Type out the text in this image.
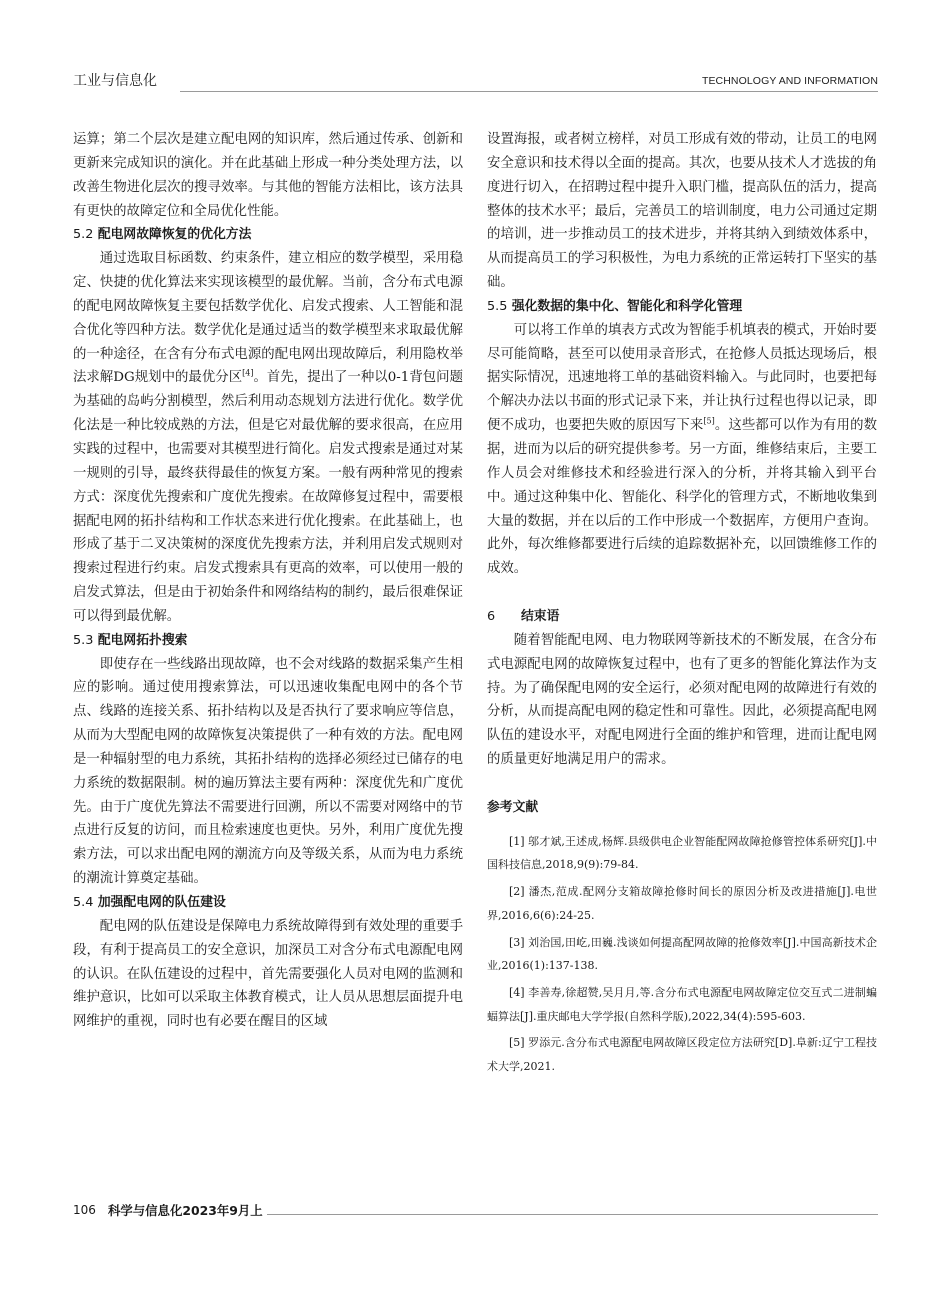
工业与信息化	TECHNOLOGY AND INFORMATION

运算；第二个层次是建立配电网的知识库，然后通过传承、创新和更新来完成知识的演化。并在此基础上形成一种分类处理方法，以改善生物进化层次的搜寻效率。与其他的智能方法相比，该方法具有更快的故障定位和全局优化性能。

5.2 配电网故障恢复的优化方法

通过选取目标函数、约束条件，建立相应的数学模型，采用稳定、快捷的优化算法来实现该模型的最优解。当前，含分布式电源的配电网故障恢复主要包括数学优化、启发式搜索、人工智能和混合优化等四种方法。数学优化是通过适当的数学模型来求取最优解的一种途径，在含有分布式电源的配电网出现故障后，利用隐枚举法求解DG规划中的最优分区[4]。首先，提出了一种以0-1背包问题为基础的岛屿分割模型，然后利用动态规划方法进行优化。数学优化法是一种比较成熟的方法，但是它对最优解的要求很高，在应用实践的过程中，也需要对其模型进行简化。启发式搜索是通过对某一规则的引导，最终获得最佳的恢复方案。一般有两种常见的搜索方式：深度优先搜索和广度优先搜索。在故障修复过程中，需要根据配电网的拓扑结构和工作状态来进行优化搜索。在此基础上，也形成了基于二叉决策树的深度优先搜索方法，并利用启发式规则对搜索过程进行约束。启发式搜索具有更高的效率，可以使用一般的启发式算法，但是由于初始条件和网络结构的制约，最后很难保证可以得到最优解。

5.3 配电网拓扑搜索

即使存在一些线路出现故障，也不会对线路的数据采集产生相应的影响。通过使用搜索算法，可以迅速收集配电网中的各个节点、线路的连接关系、拓扑结构以及是否执行了要求响应等信息，从而为大型配电网的故障恢复决策提供了一种有效的方法。配电网是一种辐射型的电力系统，其拓扑结构的选择必须经过已储存的电力系统的数据限制。树的遍历算法主要有两种：深度优先和广度优先。由于广度优先算法不需要进行回溯，所以不需要对网络中的节点进行反复的访问，而且检索速度也更快。另外，利用广度优先搜索方法，可以求出配电网的潮流方向及等级关系，从而为电力系统的潮流计算奠定基础。

5.4 加强配电网的队伍建设

配电网的队伍建设是保障电力系统故障得到有效处理的重要手段，有利于提高员工的安全意识，加深员工对含分布式电源配电网的认识。在队伍建设的过程中，首先需要强化人员对电网的监测和维护意识，比如可以采取主体教育模式，让人员从思想层面提升电网维护的重视，同时也有必要在醒目的区域

设置海报，或者树立榜样，对员工形成有效的带动，让员工的电网安全意识和技术得以全面的提高。其次，也要从技术人才选拔的角度进行切入，在招聘过程中提升入职门槛，提高队伍的活力，提高整体的技术水平；最后，完善员工的培训制度，电力公司通过定期的培训，进一步推动员工的技术进步，并将其纳入到绩效体系中，从而提高员工的学习积极性，为电力系统的正常运转打下坚实的基础。

5.5 强化数据的集中化、智能化和科学化管理

可以将工作单的填表方式改为智能手机填表的模式，开始时要尽可能简略，甚至可以使用录音形式，在抢修人员抵达现场后，根据实际情况，迅速地将工单的基础资料输入。与此同时，也要把每个解决办法以书面的形式记录下来，并让执行过程也得以记录，即便不成功，也要把失败的原因写下来[5]。这些都可以作为有用的数据，进而为以后的研究提供参考。另一方面，维修结束后，主要工作人员会对维修技术和经验进行深入的分析，并将其输入到平台中。通过这种集中化、智能化、科学化的管理方式，不断地收集到大量的数据，并在以后的工作中形成一个数据库，方便用户查询。此外，每次维修都要进行后续的追踪数据补充，以回馈维修工作的成效。

6 结束语

随着智能配电网、电力物联网等新技术的不断发展，在含分布式电源配电网的故障恢复过程中，也有了更多的智能化算法作为支持。为了确保配电网的安全运行，必须对配电网的故障进行有效的分析，从而提高配电网的稳定性和可靠性。因此，必须提高配电网队伍的建设水平，对配电网进行全面的维护和管理，进而让配电网的质量更好地满足用户的需求。

参考文献

[1] 邬才斌,王述成,杨辉.县级供电企业智能配网故障抢修管控体系研究[J].中国科技信息,2018,9(9):79-84.

[2] 潘杰,范成.配网分支箱故障抢修时间长的原因分析及改进措施[J].电世界,2016,6(6):24-25.

[3] 刘治国,田屹,田巍.浅谈如何提高配网故障的抢修效率[J].中国高新技术企业,2016(1):137-138.

[4] 李善寿,徐超赞,吴月月,等.含分布式电源配电网故障定位交互式二进制蝙蝠算法[J].重庆邮电大学学报(自然科学版),2022,34(4):595-603.

[5] 罗添元.含分布式电源配电网故障区段定位方法研究[D].阜新:辽宁工程技术大学,2021.

106 科学与信息化2023年9月上
